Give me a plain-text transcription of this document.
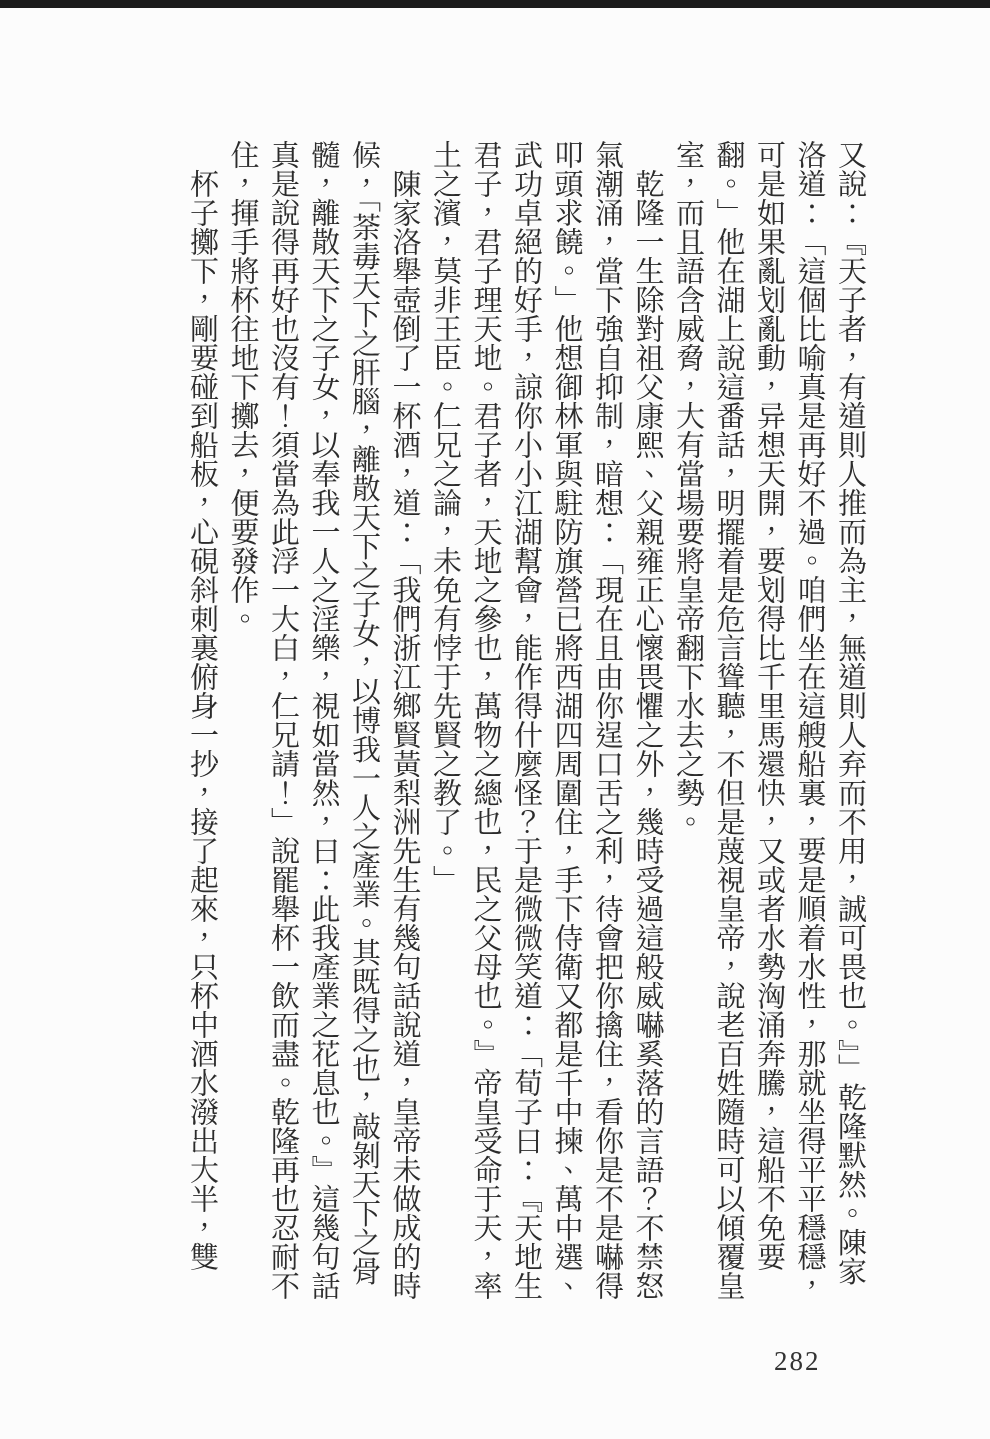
又說：『天子者，有道則人推而為主，無道則人弃而不用，誠可畏也。』」乾隆默然。陳家洛道：「這個比喻真是再好不過。咱們坐在這艘船裏，要是順着水性，那就坐得平平穩穩，可是如果亂划亂動，异想天開，要划得比千里馬還快，又或者水勢洶涌奔騰，這船不免要翻。」他在湖上說這番話，明擺着是危言聳聽，不但是蔑視皇帝，說老百姓隨時可以傾覆皇室，而且語含威脅，大有當場要將皇帝翻下水去之勢。

乾隆一生除對祖父康熙、父親雍正心懷畏懼之外，幾時受過這般威嚇奚落的言語？不禁怒氣潮涌，當下強自抑制，暗想：「現在且由你逞口舌之利，待會把你擒住，看你是不是嚇得叩頭求饒。」他想御林軍與駐防旗營已將西湖四周圍住，手下侍衛又都是千中揀、萬中選、武功卓絕的好手，諒你小小江湖幫會，能作得什麼怪？于是微微笑道：「荀子曰：『天地生君子，君子理天地。君子者，天地之參也，萬物之總也，民之父母也。』帝皇受命于天，率土之濱，莫非王臣。仁兄之論，未免有悖于先賢之教了。」

陳家洛舉壺倒了一杯酒，道：「我們浙江鄉賢黃梨洲先生有幾句話說道，皇帝未做成的時候，「荼毒天下之肝腦，離散天下之子女，以博我一人之產業。其既得之也，敲剝天下之骨髓，離散天下之子女，以奉我一人之淫樂，視如當然，曰：此我產業之花息也。』這幾句話真是說得再好也沒有！須當為此浮一大白，仁兄請！」說罷舉杯一飲而盡。乾隆再也忍耐不住，揮手將杯往地下擲去，便要發作。

杯子擲下，剛要碰到船板，心硯斜刺裏俯身一抄，接了起來，只杯中酒水潑出大半，雙

282
